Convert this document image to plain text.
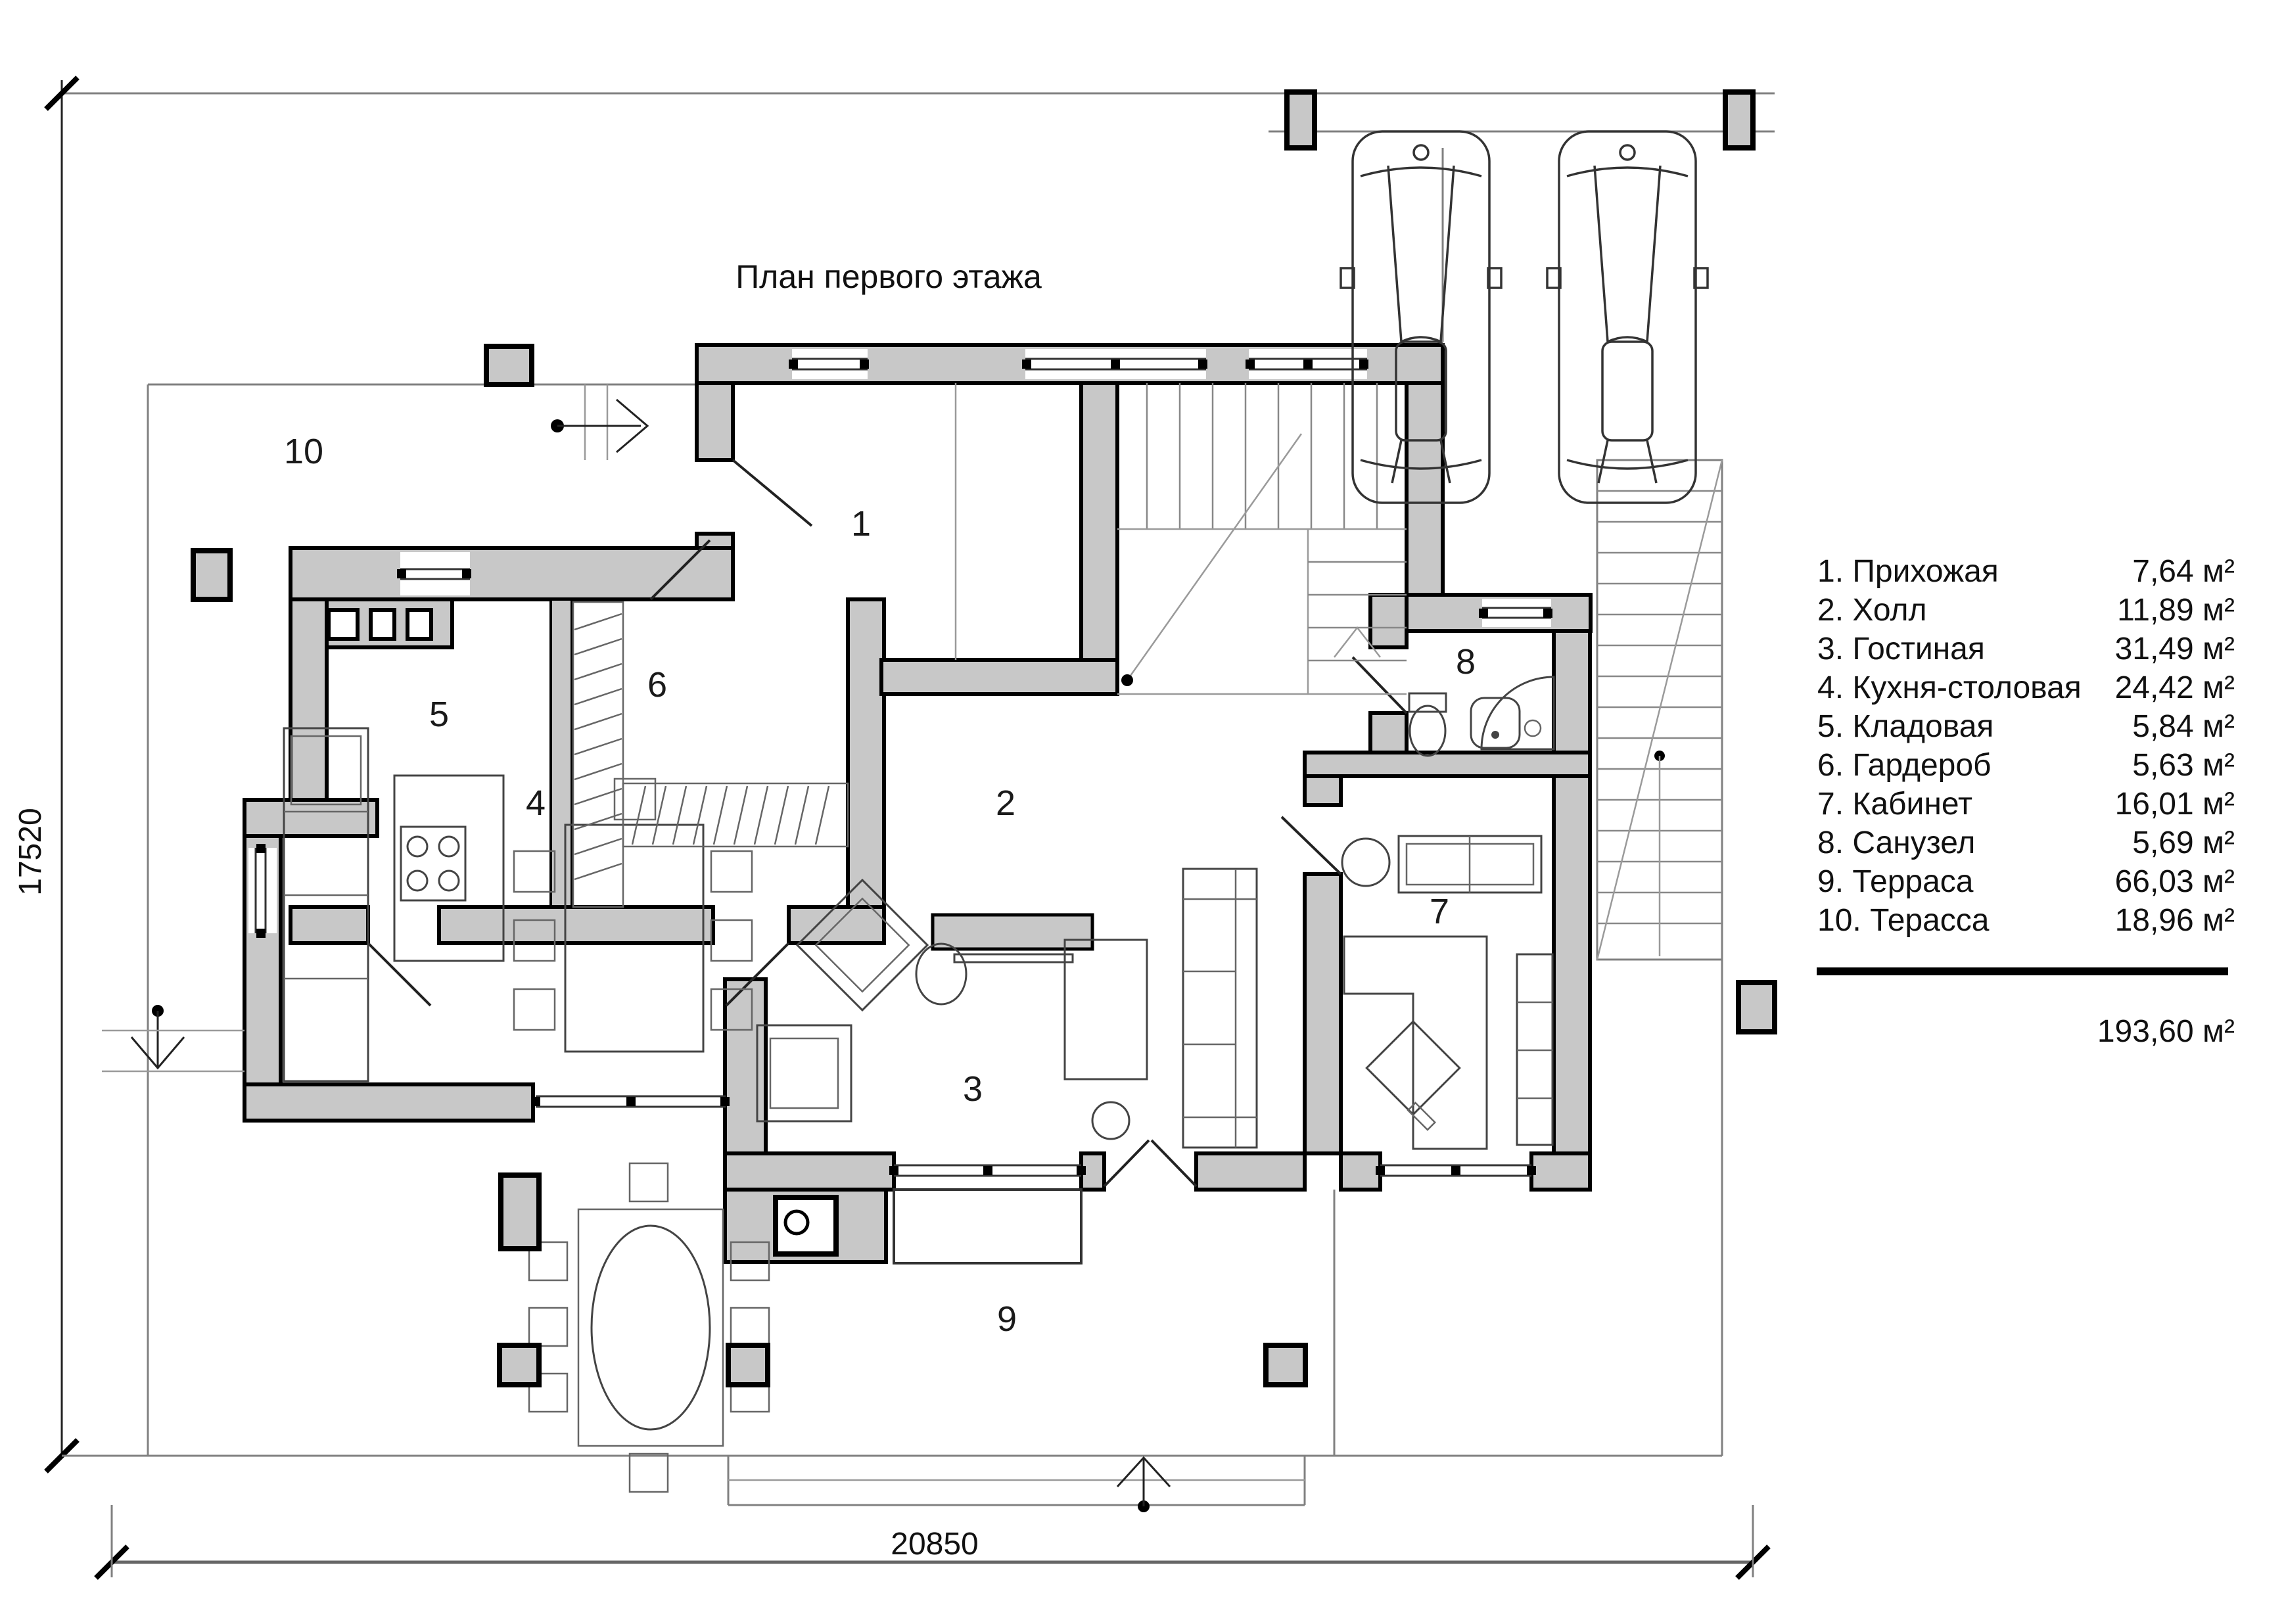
17520
20850
План первого этажа
1
2
3
4
5
6
7
8
9
10
1. Прихожая	7,64 м²
2. Холл	11,89 м²
3. Гостиная	31,49 м²
4. Кухня-столовая 24,42 м²
5. Кладовая	5,84 м²
6. Гардероб	5,63 м²
7. Кабинет	16,01 м²
8. Санузел	5,69 м²
9. Терраса	66,03 м²
10. Терасса	18,96 м²
193,60 м²
